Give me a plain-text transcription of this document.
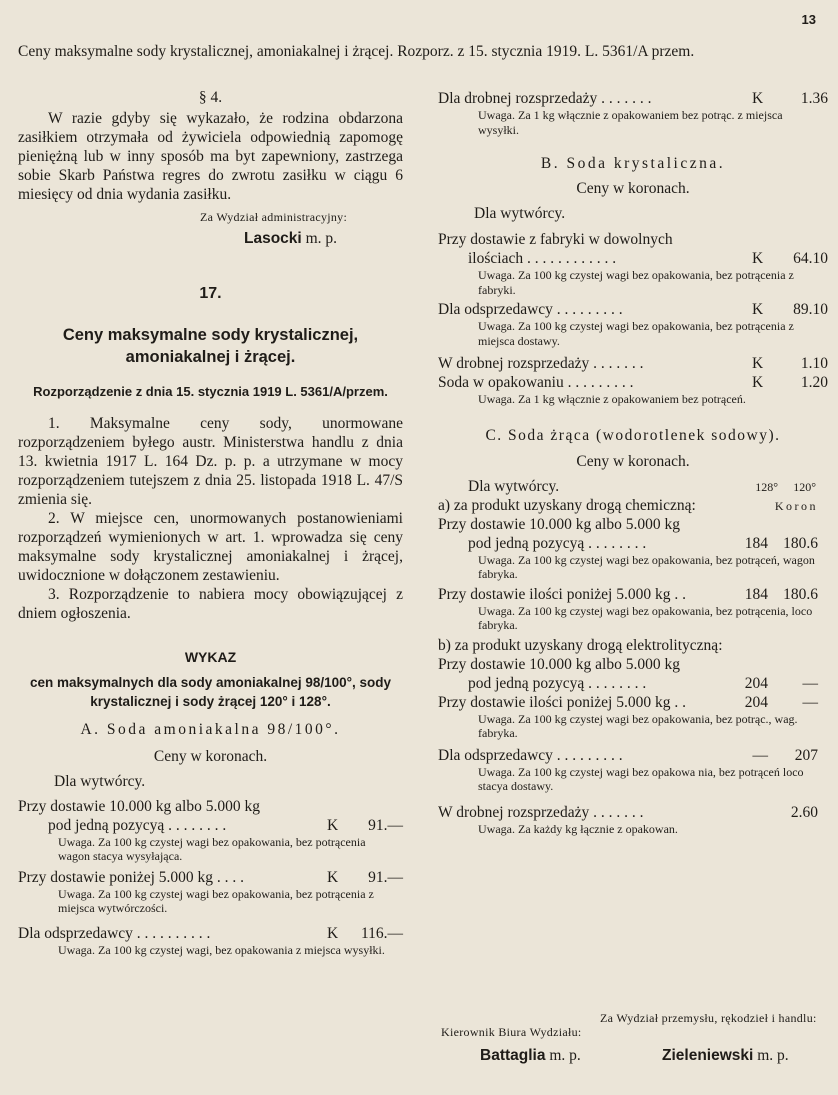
13
Ceny maksymalne sody krystalicznej, amoniakalnej i żrącej. Rozporz. z 15. stycznia 1919. L. 5361/A przem.

§ 4.

W razie gdyby się wykazało, że rodzina obdarzona zasiłkiem otrzymała od żywiciela odpowiednią zapomogę pieniężną lub w inny sposób ma byt zapewniony, zastrzega sobie Skarb Państwa regres do zwrotu zasiłku w ciągu 6 miesięcy od dnia wydania zasiłku.

Za Wydział administracyjny:

Lasocki m. p.

17.

Ceny maksymalne sody krystalicznej, amoniakalnej i żrącej.

Rozporządzenie z dnia 15. stycznia 1919 L. 5361/A/przem.

1. Maksymalne ceny sody, unormowane rozporządzeniem byłego austr. Ministerstwa handlu z dnia 13. kwietnia 1917 L. 164 Dz. p. p. a utrzymane w mocy rozporządzeniem tutejszem z dnia 25. listopada 1918 L. 47/S zmienia się.

2. W miejsce cen, unormowanych postanowieniami rozporządzeń wymienionych w art. 1. wprowadza się ceny maksymalne sody krystalicznej amoniakalnej i żrącej, uwidocznione w dołączonem zestawieniu.

3. Rozporządzenie to nabiera mocy obowiązującej z dniem ogłoszenia.

WYKAZ

cen maksymalnych dla sody amoniakalnej 98/100°, sody krystalicznej i sody żrącej 120° i 128°.

A. Soda amoniakalna 98/100°.

Ceny w koronach.

Dla wytwórcy.

Przy dostawie 10.000 kg albo 5.000 kg

pod jedną pozycyą . . . . . . . .	K	91.—

Uwaga. Za 100 kg czystej wagi bez opakowania, bez potrącenia wagon stacya wysyłająca.

Przy dostawie poniżej 5.000 kg . . . .	K	91.—

Uwaga. Za 100 kg czystej wagi bez opakowania, bez potrącenia z miejsca wytwórczości.

Dla odsprzedawcy . . . . . . . . . .	K	116.—

Uwaga. Za 100 kg czystej wagi, bez opakowania z miejsca wysyłki.

Dla drobnej rozsprzedaży . . . . . . .	K	1.36

Uwaga. Za 1 kg włącznie z opakowaniem bez potrąc. z miejsca wysyłki.

B. Soda krystaliczna.

Ceny w koronach.

Dla wytwórcy.

Przy dostawie z fabryki w dowolnych

ilościach . . . . . . . . . . . .	K	64.10

Uwaga. Za 100 kg czystej wagi bez opakowania, bez potrącenia z fabryki.

Dla odsprzedawcy . . . . . . . . .	K	89.10

Uwaga. Za 100 kg czystej wagi bez opakowania, bez potrącenia z miejsca dostawy.

W drobnej rozsprzedaży . . . . . . .	K	1.10
Soda w opakowaniu . . . . . . . . .	K	1.20

Uwaga. Za 1 kg włącznie z opakowaniem bez potrąceń.

C. Soda żrąca (wodorotlenek sodowy).

Ceny w koronach.

Dla wytwórcy.	128°	120°
a) za produkt uzyskany drogą chemiczną:	Koron

Przy dostawie 10.000 kg albo 5.000 kg

pod jedną pozycyą . . . . . . . .	184 180.6

Uwaga. Za 100 kg czystej wagi bez opakowania, bez potrąceń, wagon fabryka.

Przy dostawie ilości poniżej 5.000 kg . .	184 180.6

Uwaga. Za 100 kg czystej wagi bez opakowania, bez potrącenia, loco fabryka.

b) za produkt uzyskany drogą elektrolityczną:

Przy dostawie 10.000 kg albo 5.000 kg

pod jedną pozycyą . . . . . . . .	204	—
Przy dostawie ilości poniżej 5.000 kg . .	204	—

Uwaga. Za 100 kg czystej wagi bez opakowania, bez potrąc., wag. fabryka.

Dla odsprzedawcy . . . . . . . . .	—	207

Uwaga. Za 100 kg czystej wagi bez opakowa nia, bez potrąceń loco stacya dostawy.

W drobnej rozsprzedaży . . . . . . .	2.60

Uwaga. Za każdy kg łącznie z opakowan.

Za Wydział przemysłu, rękodzieł i handlu:
Kierownik Biura Wydziału:
Battaglia m. p.	Zieleniewski m. p.
